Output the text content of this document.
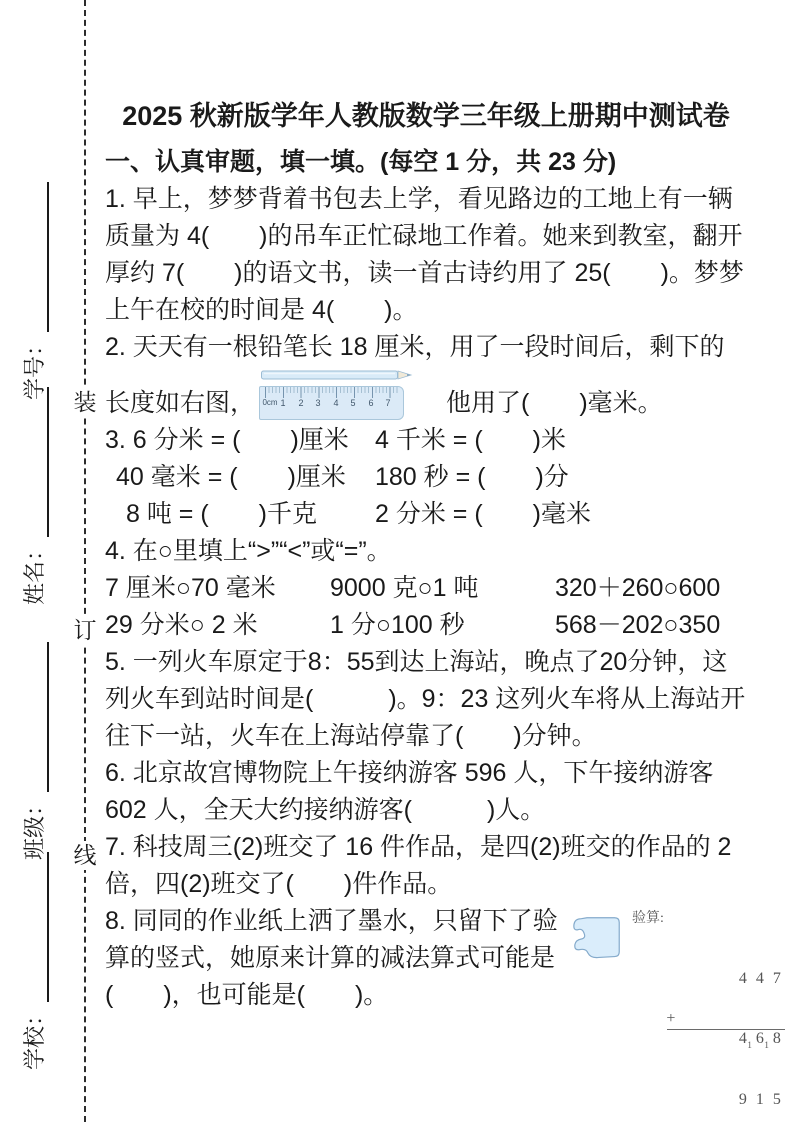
学号：
姓名：
班级：
学校：
装
订
线
2025 秋新版学年人教版数学三年级上册期中测试卷
一、认真审题，填一填。(每空 1 分，共 23 分)
1. 早上，梦梦背着书包去上学，看见路边的工地上有一辆
质量为 4(　　)的吊车正忙碌地工作着。她来到教室，翻开
厚约 7(　　)的语文书，读一首古诗约用了 25(　　)。梦梦
上午在校的时间是 4(　　)。
2. 天天有一根铅笔长 18 厘米，用了一段时间后，剩下的
长度如右图，

0cm

1

2

3

4

5

6

7

　他用了(　　)毫米。
3. 6 分米 = (　　)厘米	4 千米 = (　　)米
40 毫米 = (　　)厘米	180 秒 = (　　)分
8 吨 = (　　)千克	2 分米 = (　　)毫米
4. 在○里填上“>”“<”或“=”。
7 厘米○70 毫米	9000 克○1 吨	320＋260○600
29 分米○ 2 米	1 分○100 秒	568－202○350
5. 一列火车原定于8：55到达上海站，晚点了20分钟，这
列火车到站时间是(　　　)。9：23 这列火车将从上海站开
往下一站，火车在上海站停靠了(　　)分钟。
6. 北京故宫博物院上午接纳游客 596 人，下午接纳游客
602 人，全天大约接纳游客(　　　)人。
7. 科技周三(2)班交了 16 件作品，是四(2)班交的作品的 2
倍，四(2)班交了(　　)件作品。
8. 同同的作业纸上洒了墨水，只留下了验
算的竖式，她原来计算的减法算式可能是
(　　)，也可能是(　　)。
验算:

4 4 7

+
41 61 8

9 1 5
